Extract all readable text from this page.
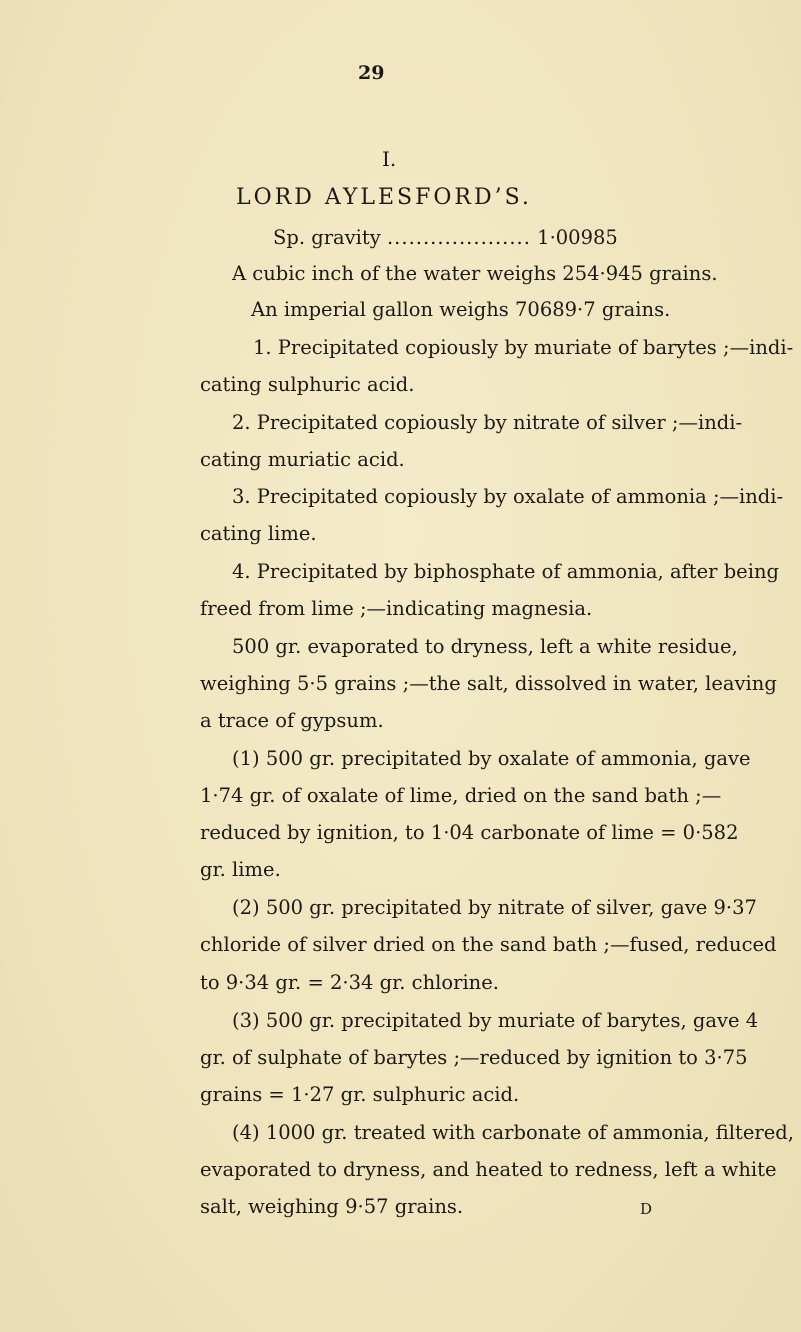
29
I.
LORD AYLESFORD’S.
Sp. gravity .................... 1·00985
A cubic inch of the water weighs 254·945 grains.
An imperial gallon weighs 70689·7 grains.
1. Precipitated copiously by muriate of barytes ;—indi-
cating sulphuric acid.
2. Precipitated copiously by nitrate of silver ;—indi-
cating muriatic acid.
3. Precipitated copiously by oxalate of ammonia ;—indi-
cating lime.
4. Precipitated by biphosphate of ammonia, after being
freed from lime ;—indicating magnesia.
500 gr. evaporated to dryness, left a white residue,
weighing 5·5 grains ;—the salt, dissolved in water, leaving
a trace of gypsum.
(1) 500 gr. precipitated by oxalate of ammonia, gave
1·74 gr. of oxalate of lime, dried on the sand bath ;—
reduced by ignition, to 1·04 carbonate of lime = 0·582
gr. lime.
(2) 500 gr. precipitated by nitrate of silver, gave 9·37
chloride of silver dried on the sand bath ;—fused, reduced
to 9·34 gr. = 2·34 gr. chlorine.
(3) 500 gr. precipitated by muriate of barytes, gave 4
gr. of sulphate of barytes ;—reduced by ignition to 3·75
grains = 1·27 gr. sulphuric acid.
(4) 1000 gr. treated with carbonate of ammonia, filtered,
evaporated to dryness, and heated to redness, left a white
salt, weighing 9·57 grains.	D
